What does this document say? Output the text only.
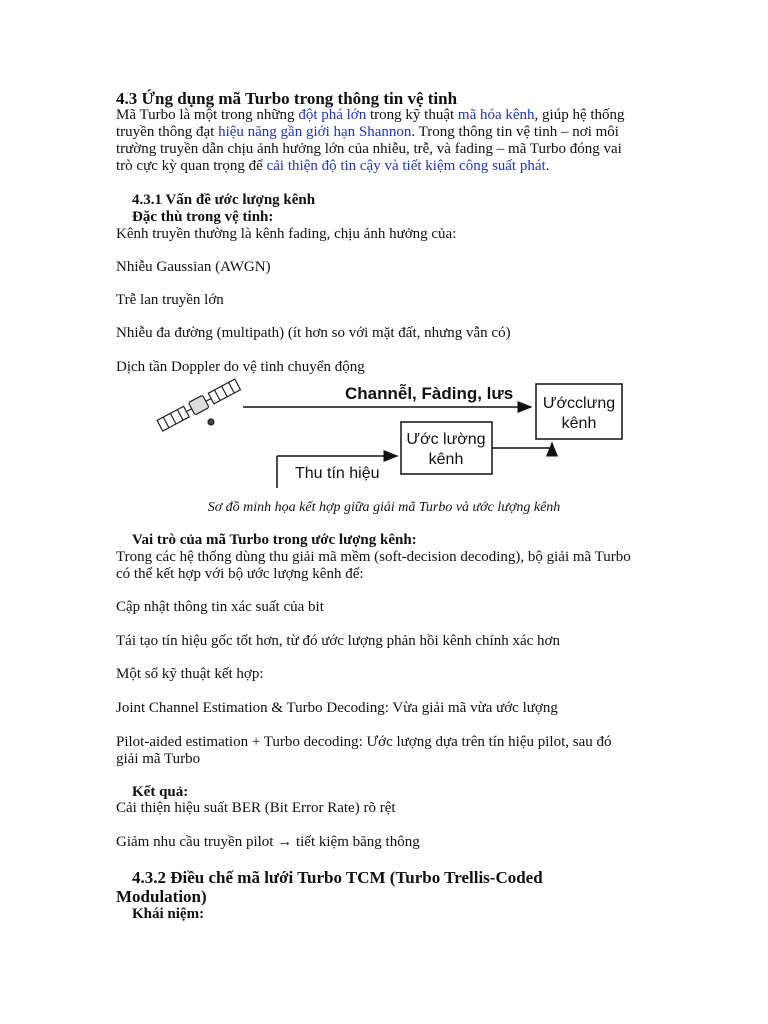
4.3 Ứng dụng mã Turbo trong thông tin vệ tinh
Mã Turbo là một trong những đột phá lớn trong kỹ thuật mã hóa kênh, giúp hệ thống
truyền thông đạt hiệu năng gần giới hạn Shannon. Trong thông tin vệ tinh – nơi môi
trường truyền dẫn chịu ảnh hưởng lớn của nhiễu, trễ, và fading – mã Turbo đóng vai
trò cực kỳ quan trọng để cải thiện độ tin cậy và tiết kiệm công suất phát.
4.3.1 Vấn đề ước lượng kênh
Đặc thù trong vệ tinh:
Kênh truyền thường là kênh fading, chịu ảnh hưởng của:
Nhiễu Gaussian (AWGN)
Trễ lan truyền lớn
Nhiễu đa đường (multipath) (ít hơn so với mặt đất, nhưng vẫn có)
Dịch tần Doppler do vệ tinh chuyển động
Channễl, Fàding, lưs
Ướcclưng
kênh
Ước lường
kênh
Thu tín hiệu
Sơ đồ minh họa kết hợp giữa giải mã Turbo và ước lượng kênh
Vai trò của mã Turbo trong ước lượng kênh:
Trong các hệ thống dùng thu giải mã mềm (soft-decision decoding), bộ giải mã Turbo
có thể kết hợp với bộ ước lượng kênh để:
Cập nhật thông tin xác suất của bit
Tái tạo tín hiệu gốc tốt hơn, từ đó ước lượng phản hồi kênh chính xác hơn
Một số kỹ thuật kết hợp:
Joint Channel Estimation & Turbo Decoding: Vừa giải mã vừa ước lượng
Pilot-aided estimation + Turbo decoding: Ước lượng dựa trên tín hiệu pilot, sau đó
giải mã Turbo
Kết quả:
Cải thiện hiệu suất BER (Bit Error Rate) rõ rệt
Giảm nhu cầu truyền pilot → tiết kiệm băng thông
4.3.2 Điều chế mã lưới Turbo TCM (Turbo Trellis-Coded
Modulation)
Khái niệm:
